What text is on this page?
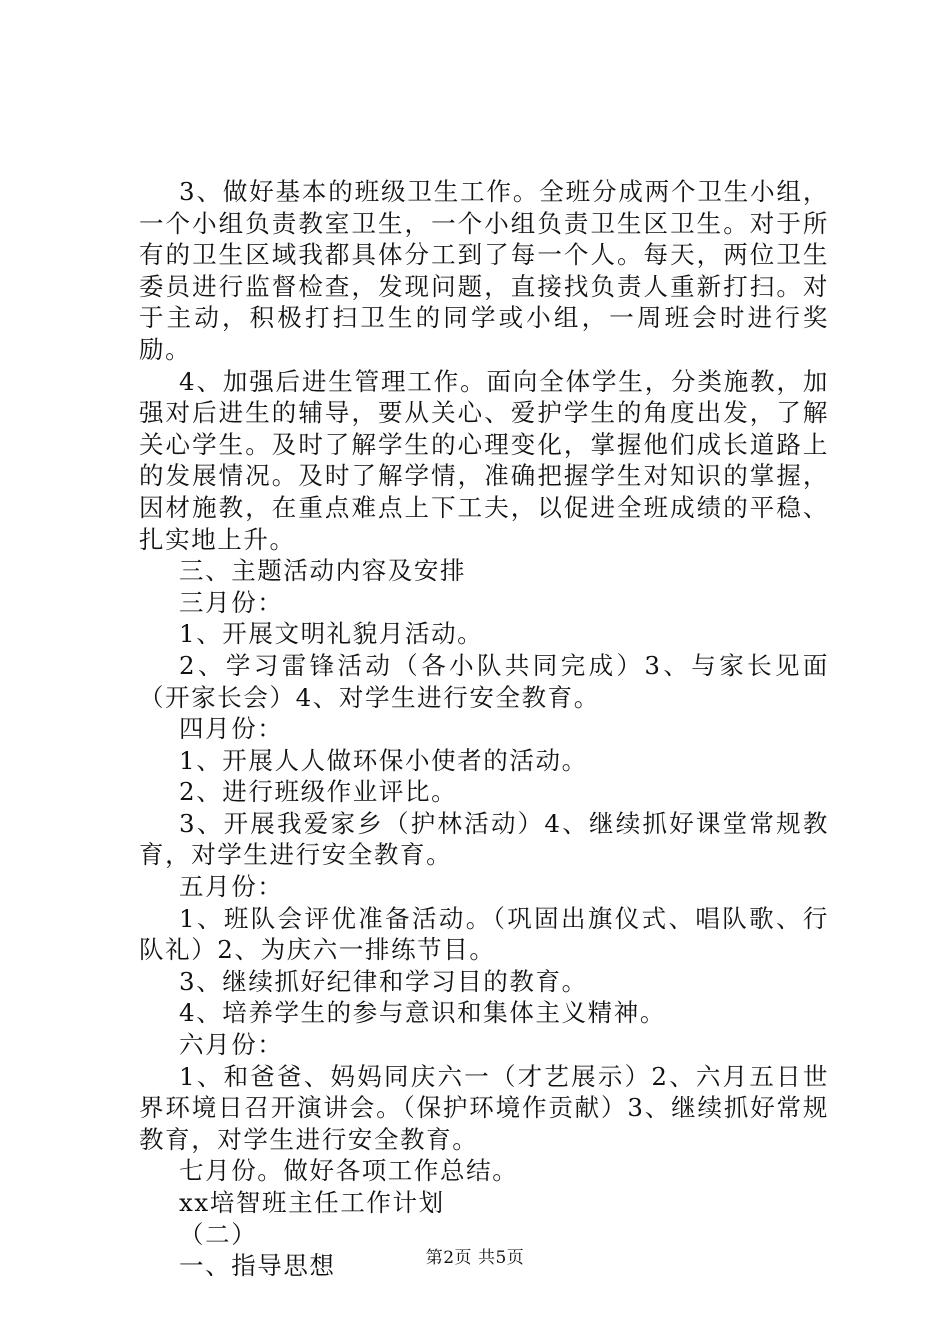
3、做好基本的班级卫生工作。全班分成两个卫生小组，一个小组负责教室卫生，一个小组负责卫生区卫生。对于所有的卫生区域我都具体分工到了每一个人。每天，两位卫生委员进行监督检查，发现问题，直接找负责人重新打扫。对于主动，积极打扫卫生的同学或小组，一周班会时进行奖励。

4、加强后进生管理工作。面向全体学生，分类施教，加强对后进生的辅导，要从关心、爱护学生的角度出发，了解关心学生。及时了解学生的心理变化，掌握他们成长道路上的发展情况。及时了解学情，准确把握学生对知识的掌握，因材施教，在重点难点上下工夫，以促进全班成绩的平稳、扎实地上升。

三、主题活动内容及安排

三月份：

1、开展文明礼貌月活动。

2、学习雷锋活动（各小队共同完成）3、与家长见面（开家长会）4、对学生进行安全教育。

四月份：

1、开展人人做环保小使者的活动。

2、进行班级作业评比。

3、开展我爱家乡（护林活动）4、继续抓好课堂常规教育，对学生进行安全教育。

五月份：

1、班队会评优准备活动。（巩固出旗仪式、唱队歌、行队礼）2、为庆六一排练节目。

3、继续抓好纪律和学习目的教育。

4、培养学生的参与意识和集体主义精神。

六月份：

1、和爸爸、妈妈同庆六一（才艺展示）2、六月五日世界环境日召开演讲会。（保护环境作贡献）3、继续抓好常规教育，对学生进行安全教育。

七月份。做好各项工作总结。

xx培智班主任工作计划

（二）

一、指导思想	第2页 共5页
